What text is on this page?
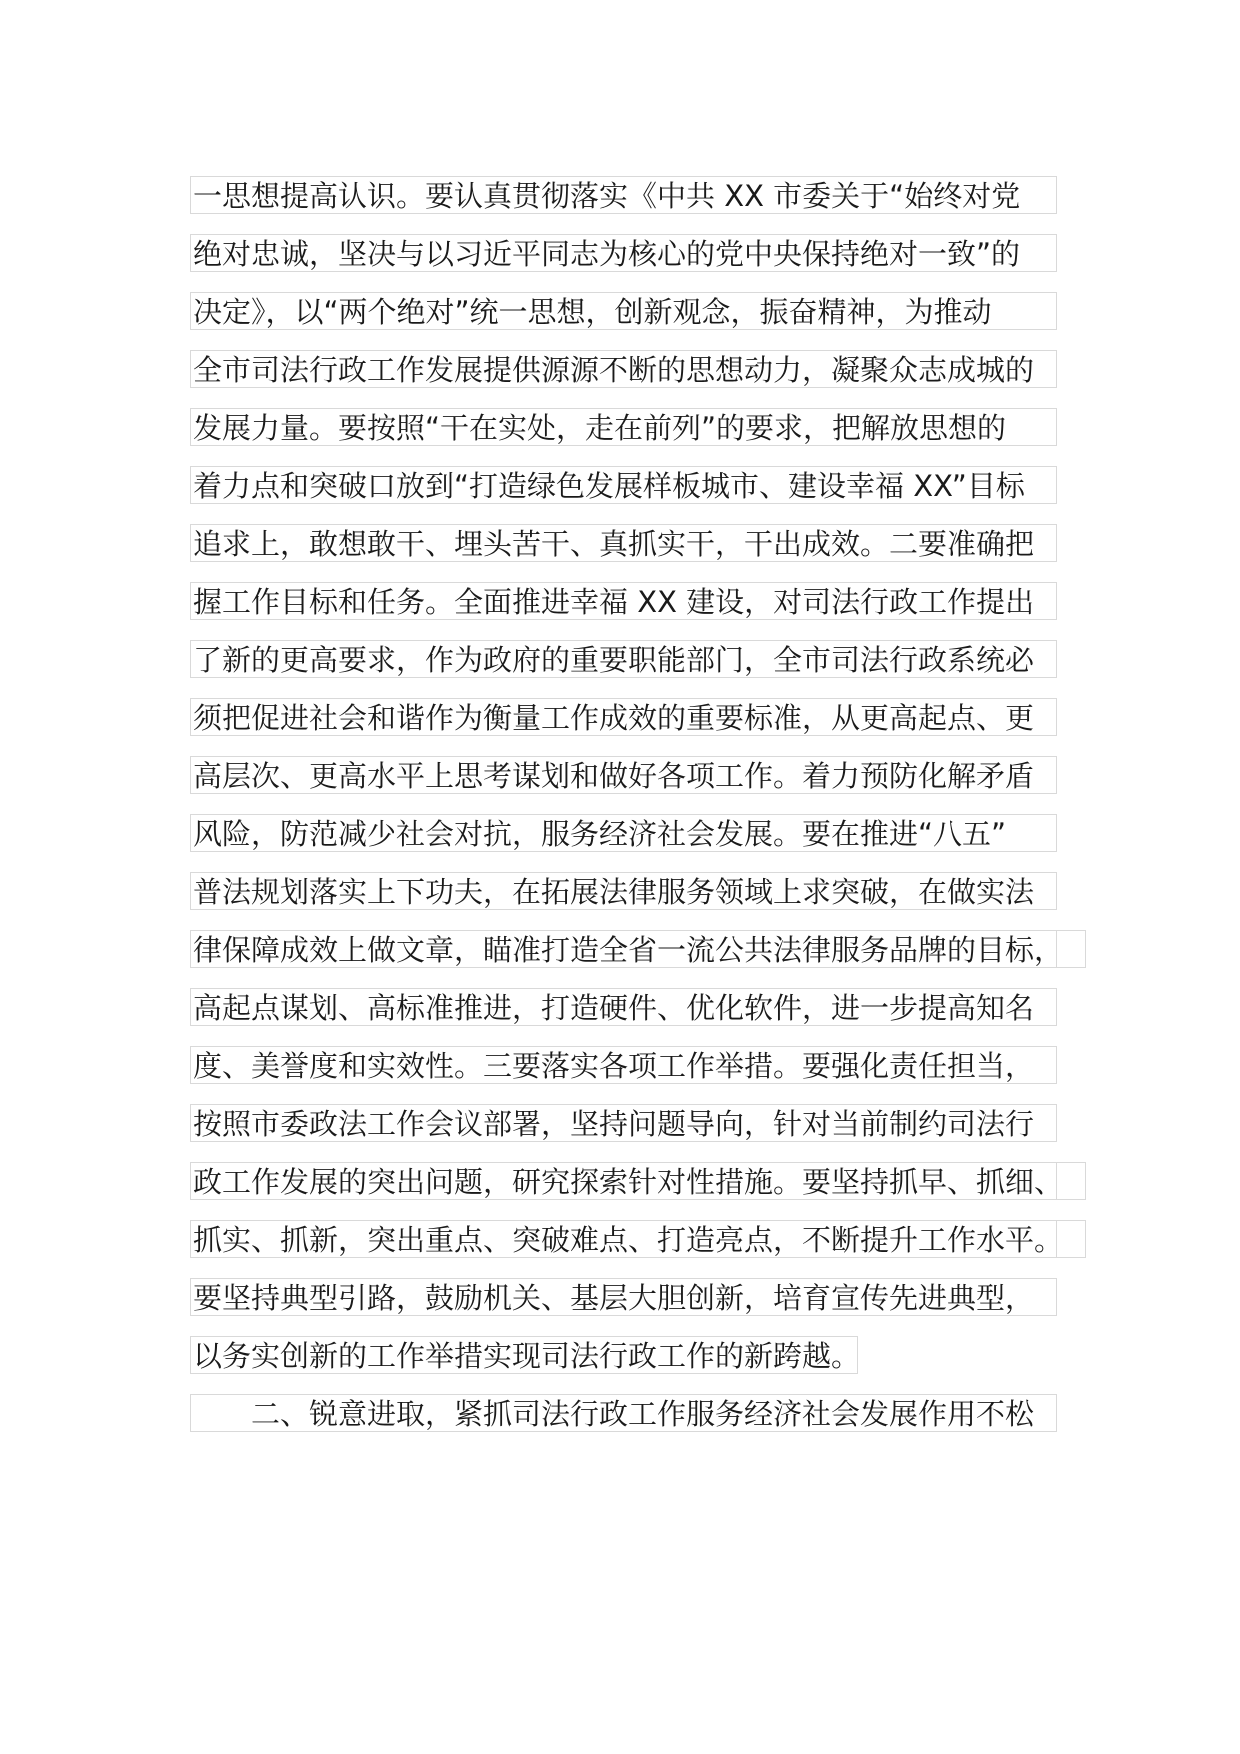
一思想提高认识。要认真贯彻落实《中共 XX 市委关于“始终对党
绝对忠诚，坚决与以习近平同志为核心的党中央保持绝对一致”的
决定》，以“两个绝对”统一思想，创新观念，振奋精神，为推动
全市司法行政工作发展提供源源不断的思想动力，凝聚众志成城的
发展力量。要按照“干在实处，走在前列”的要求，把解放思想的
着力点和突破口放到“打造绿色发展样板城市、建设幸福 XX”目标
追求上，敢想敢干、埋头苦干、真抓实干，干出成效。二要准确把
握工作目标和任务。全面推进幸福 XX 建设，对司法行政工作提出
了新的更高要求，作为政府的重要职能部门，全市司法行政系统必
须把促进社会和谐作为衡量工作成效的重要标准，从更高起点、更
高层次、更高水平上思考谋划和做好各项工作。着力预防化解矛盾
风险，防范减少社会对抗，服务经济社会发展。要在推进“八五”
普法规划落实上下功夫，在拓展法律服务领域上求突破，在做实法
律保障成效上做文章，瞄准打造全省一流公共法律服务品牌的目标，
高起点谋划、高标准推进，打造硬件、优化软件，进一步提高知名
度、美誉度和实效性。三要落实各项工作举措。要强化责任担当，
按照市委政法工作会议部署，坚持问题导向，针对当前制约司法行
政工作发展的突出问题，研究探索针对性措施。要坚持抓早、抓细、
抓实、抓新，突出重点、突破难点、打造亮点，不断提升工作水平。
要坚持典型引路，鼓励机关、基层大胆创新，培育宣传先进典型，
以务实创新的工作举措实现司法行政工作的新跨越。
二、锐意进取，紧抓司法行政工作服务经济社会发展作用不松
